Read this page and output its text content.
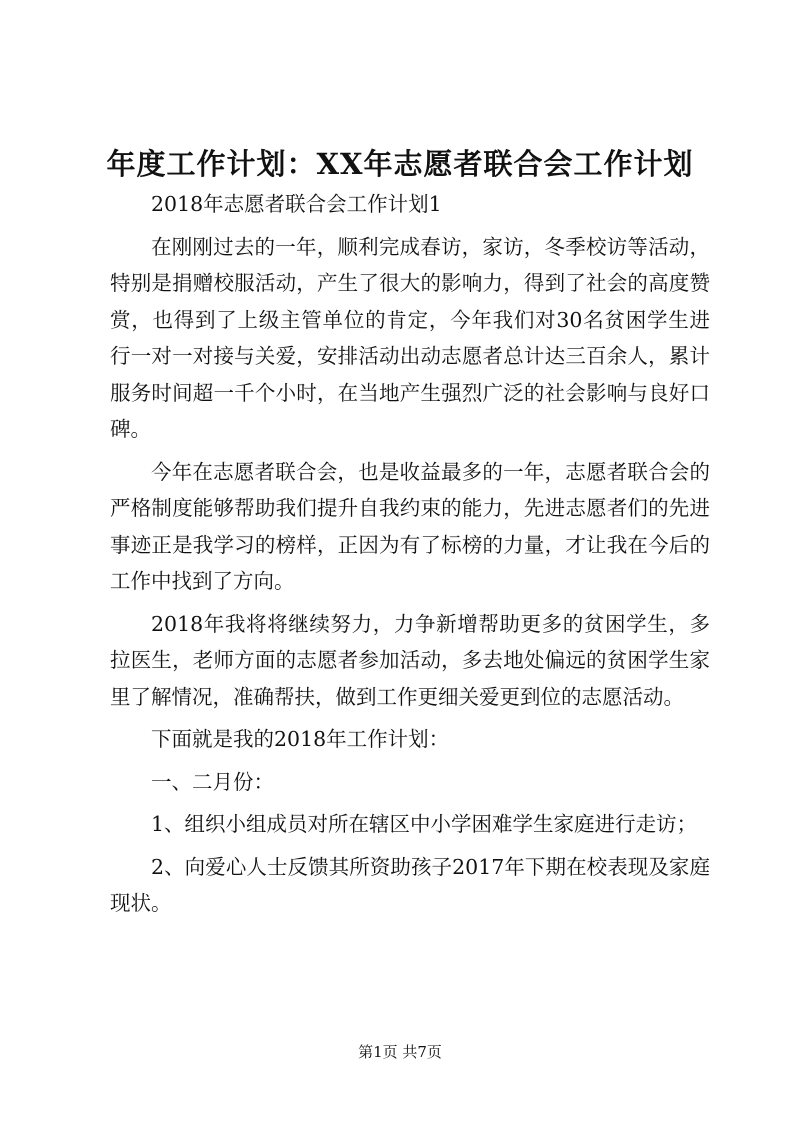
年度工作计划：XX年志愿者联合会工作计划

2018年志愿者联合会工作计划1

在刚刚过去的一年，顺利完成春访，家访，冬季校访等活动，特别是捐赠校服活动，产生了很大的影响力，得到了社会的高度赞赏，也得到了上级主管单位的肯定，今年我们对30名贫困学生进行一对一对接与关爱，安排活动出动志愿者总计达三百余人，累计服务时间超一千个小时，在当地产生强烈广泛的社会影响与良好口碑。

今年在志愿者联合会，也是收益最多的一年，志愿者联合会的严格制度能够帮助我们提升自我约束的能力，先进志愿者们的先进事迹正是我学习的榜样，正因为有了标榜的力量，才让我在今后的工作中找到了方向。

2018年我将将继续努力，力争新增帮助更多的贫困学生，多拉医生，老师方面的志愿者参加活动，多去地处偏远的贫困学生家里了解情况，准确帮扶，做到工作更细关爱更到位的志愿活动。

下面就是我的2018年工作计划：

一、二月份：

1、组织小组成员对所在辖区中小学困难学生家庭进行走访；

2、向爱心人士反馈其所资助孩子2017年下期在校表现及家庭现状。

第1页 共7页
